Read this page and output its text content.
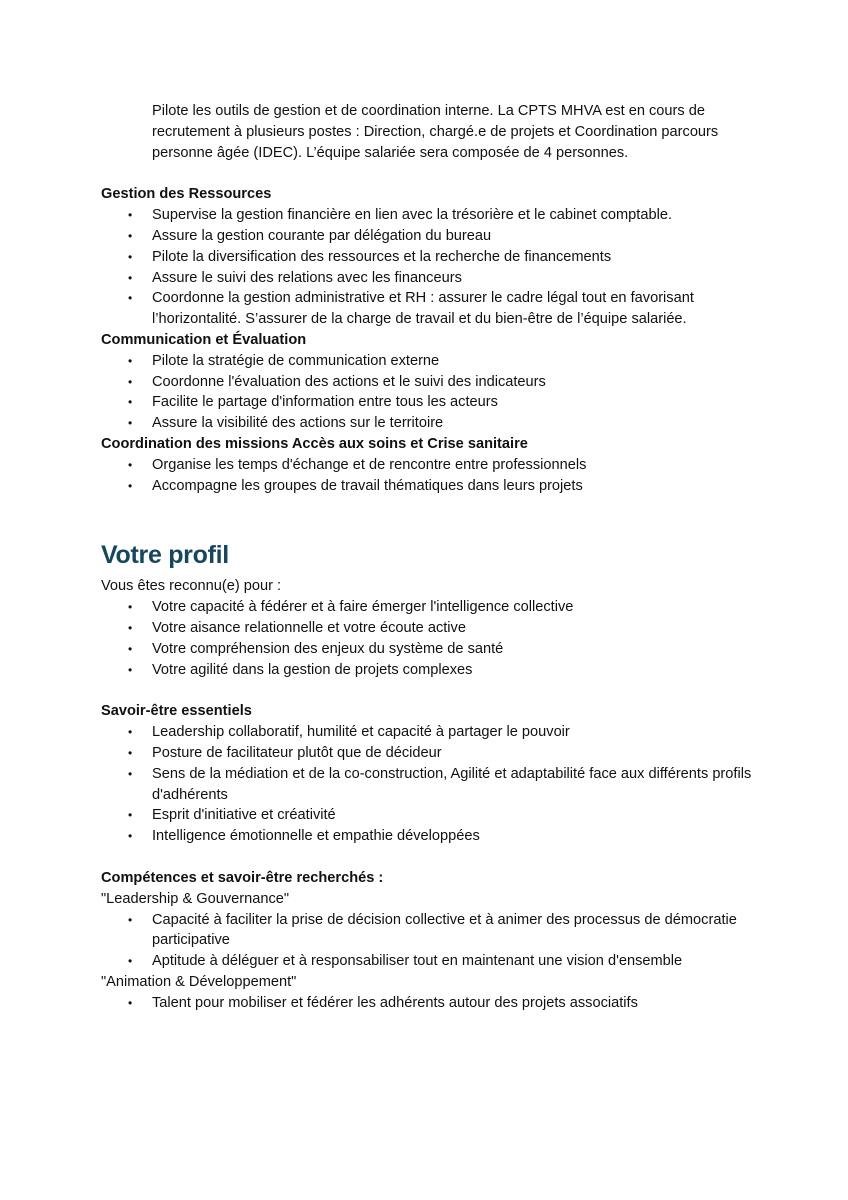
Pilote les outils de gestion et de coordination interne. La CPTS MHVA est en cours de recrutement à plusieurs postes : Direction, chargé.e de projets et Coordination parcours personne âgée (IDEC). L’équipe salariée sera composée de 4 personnes.

Gestion des Ressources

• Supervise la gestion financière en lien avec la trésorière et le cabinet comptable.
• Assure la gestion courante par délégation du bureau
• Pilote la diversification des ressources et la recherche de financements
• Assure le suivi des relations avec les financeurs
• Coordonne la gestion administrative et RH : assurer le cadre légal tout en favorisant l’horizontalité. S’assurer de la charge de travail et du bien-être de l’équipe salariée.

Communication et Évaluation

• Pilote la stratégie de communication externe
• Coordonne l'évaluation des actions et le suivi des indicateurs
• Facilite le partage d'information entre tous les acteurs
• Assure la visibilité des actions sur le territoire

Coordination des missions Accès aux soins et Crise sanitaire

• Organise les temps d'échange et de rencontre entre professionnels
• Accompagne les groupes de travail thématiques dans leurs projets
Votre profil

Vous êtes reconnu(e) pour :

• Votre capacité à fédérer et à faire émerger l'intelligence collective
• Votre aisance relationnelle et votre écoute active
• Votre compréhension des enjeux du système de santé
• Votre agilité dans la gestion de projets complexes

Savoir-être essentiels

• Leadership collaboratif, humilité et capacité à partager le pouvoir
• Posture de facilitateur plutôt que de décideur
• Sens de la médiation et de la co-construction, Agilité et adaptabilité face aux différents profils d'adhérents
• Esprit d'initiative et créativité
• Intelligence émotionnelle et empathie développées

Compétences et savoir-être recherchés :

"Leadership & Gouvernance"

• Capacité à faciliter la prise de décision collective et à animer des processus de démocratie participative
• Aptitude à déléguer et à responsabiliser tout en maintenant une vision d'ensemble

"Animation & Développement"

• Talent pour mobiliser et fédérer les adhérents autour des projets associatifs
